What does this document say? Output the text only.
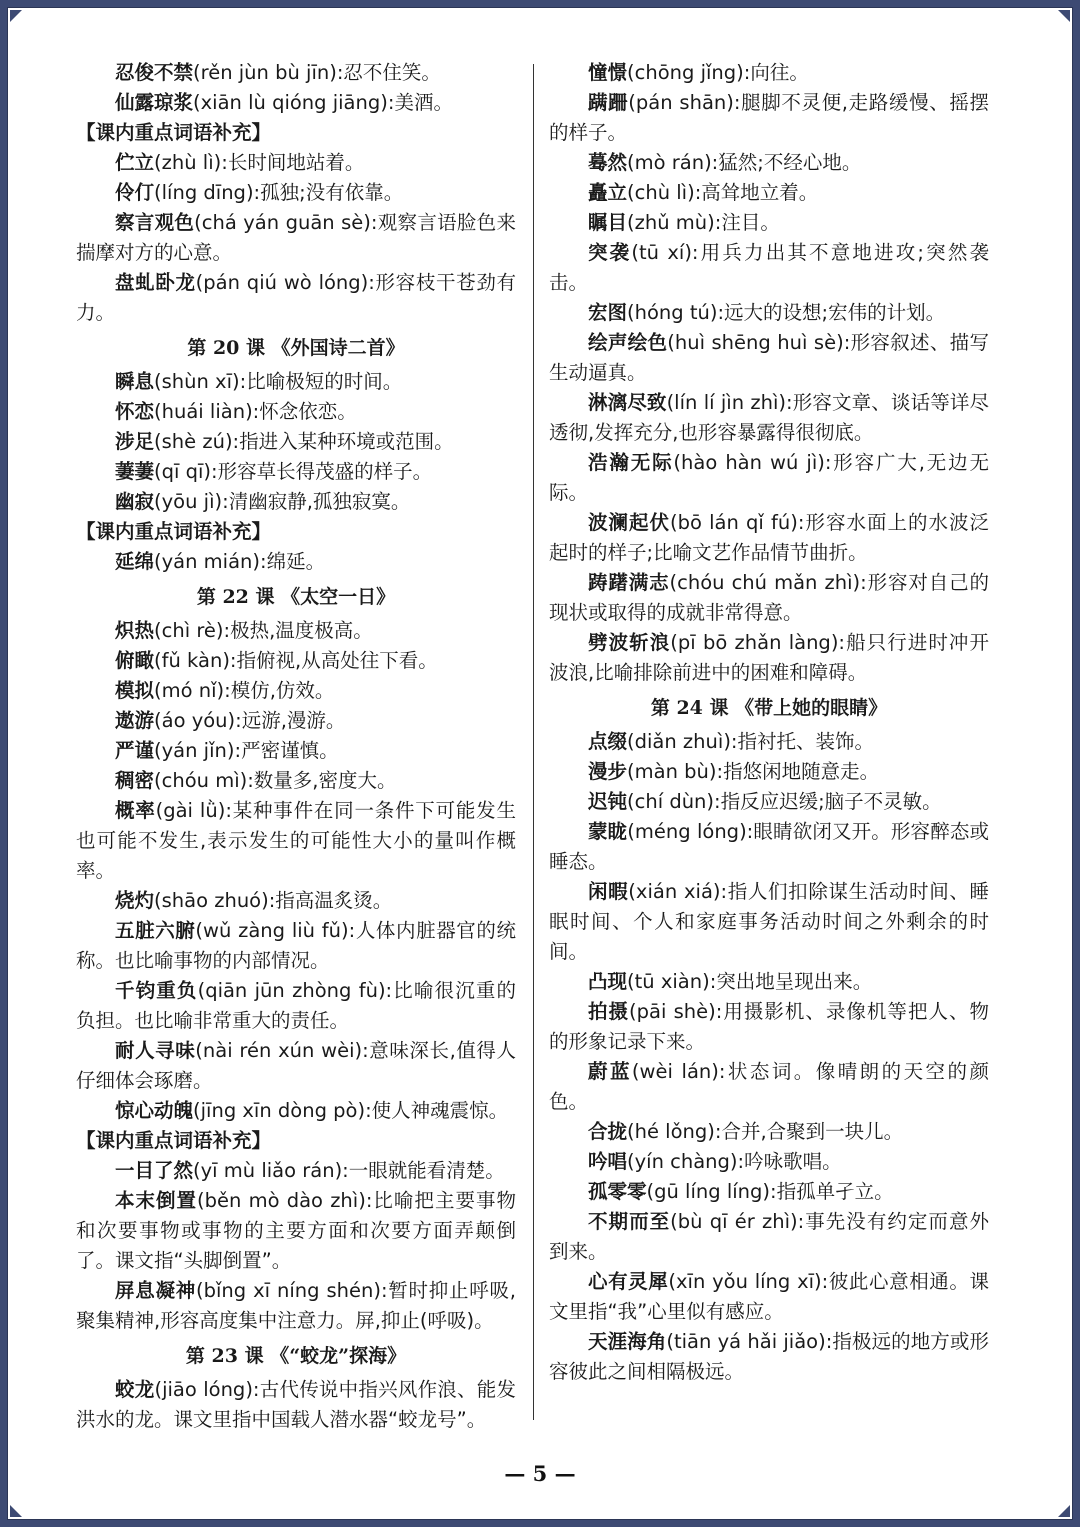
忍俊不禁(rěn jùn bù jīn):忍不住笑。

仙露琼浆(xiān lù qióng jiāng):美酒。

【课内重点词语补充】

伫立(zhù lì):长时间地站着。

伶仃(líng dīng):孤独;没有依靠。

察言观色(chá yán guān sè):观察言语脸色来揣摩对方的心意。

盘虬卧龙(pán qiú wò lóng):形容枝干苍劲有力。

第 20 课 《外国诗二首》

瞬息(shùn xī):比喻极短的时间。

怀恋(huái liàn):怀念依恋。

涉足(shè zú):指进入某种环境或范围。

萋萋(qī qī):形容草长得茂盛的样子。

幽寂(yōu jì):清幽寂静,孤独寂寞。

【课内重点词语补充】

延绵(yán mián):绵延。

第 22 课 《太空一日》

炽热(chì rè):极热,温度极高。

俯瞰(fǔ kàn):指俯视,从高处往下看。

模拟(mó nǐ):模仿,仿效。

遨游(áo yóu):远游,漫游。

严谨(yán jǐn):严密谨慎。

稠密(chóu mì):数量多,密度大。

概率(gài lǜ):某种事件在同一条件下可能发生也可能不发生,表示发生的可能性大小的量叫作概率。

烧灼(shāo zhuó):指高温炙烫。

五脏六腑(wǔ zàng liù fǔ):人体内脏器官的统称。也比喻事物的内部情况。

千钧重负(qiān jūn zhòng fù):比喻很沉重的负担。也比喻非常重大的责任。

耐人寻味(nài rén xún wèi):意味深长,值得人仔细体会琢磨。

惊心动魄(jīng xīn dòng pò):使人神魂震惊。

【课内重点词语补充】

一目了然(yī mù liǎo rán):一眼就能看清楚。

本末倒置(běn mò dào zhì):比喻把主要事物和次要事物或事物的主要方面和次要方面弄颠倒了。课文指“头脚倒置”。

屏息凝神(bǐng xī níng shén):暂时抑止呼吸,聚集精神,形容高度集中注意力。屏,抑止(呼吸)。

第 23 课 《“蛟龙”探海》

蛟龙(jiāo lóng):古代传说中指兴风作浪、能发洪水的龙。课文里指中国载人潜水器“蛟龙号”。

憧憬(chōng jǐng):向往。

蹒跚(pán shān):腿脚不灵便,走路缓慢、摇摆的样子。

蓦然(mò rán):猛然;不经心地。

矗立(chù lì):高耸地立着。

瞩目(zhǔ mù):注目。

突袭(tū xí):用兵力出其不意地进攻;突然袭击。

宏图(hóng tú):远大的设想;宏伟的计划。

绘声绘色(huì shēng huì sè):形容叙述、描写生动逼真。

淋漓尽致(lín lí jìn zhì):形容文章、谈话等详尽透彻,发挥充分,也形容暴露得很彻底。

浩瀚无际(hào hàn wú jì):形容广大,无边无际。

波澜起伏(bō lán qǐ fú):形容水面上的水波泛起时的样子;比喻文艺作品情节曲折。

踌躇满志(chóu chú mǎn zhì):形容对自己的现状或取得的成就非常得意。

劈波斩浪(pī bō zhǎn làng):船只行进时冲开波浪,比喻排除前进中的困难和障碍。

第 24 课 《带上她的眼睛》

点缀(diǎn zhuì):指衬托、装饰。

漫步(màn bù):指悠闲地随意走。

迟钝(chí dùn):指反应迟缓;脑子不灵敏。

蒙眬(méng lóng):眼睛欲闭又开。形容醉态或睡态。

闲暇(xián xiá):指人们扣除谋生活动时间、睡眠时间、个人和家庭事务活动时间之外剩余的时间。

凸现(tū xiàn):突出地呈现出来。

拍摄(pāi shè):用摄影机、录像机等把人、物的形象记录下来。

蔚蓝(wèi lán):状态词。像晴朗的天空的颜色。

合拢(hé lǒng):合并,合聚到一块儿。

吟唱(yín chàng):吟咏歌唱。

孤零零(gū líng líng):指孤单孑立。

不期而至(bù qī ér zhì):事先没有约定而意外到来。

心有灵犀(xīn yǒu líng xī):彼此心意相通。课文里指“我”心里似有感应。

天涯海角(tiān yá hǎi jiǎo):指极远的地方或形容彼此之间相隔极远。

— 5 —
